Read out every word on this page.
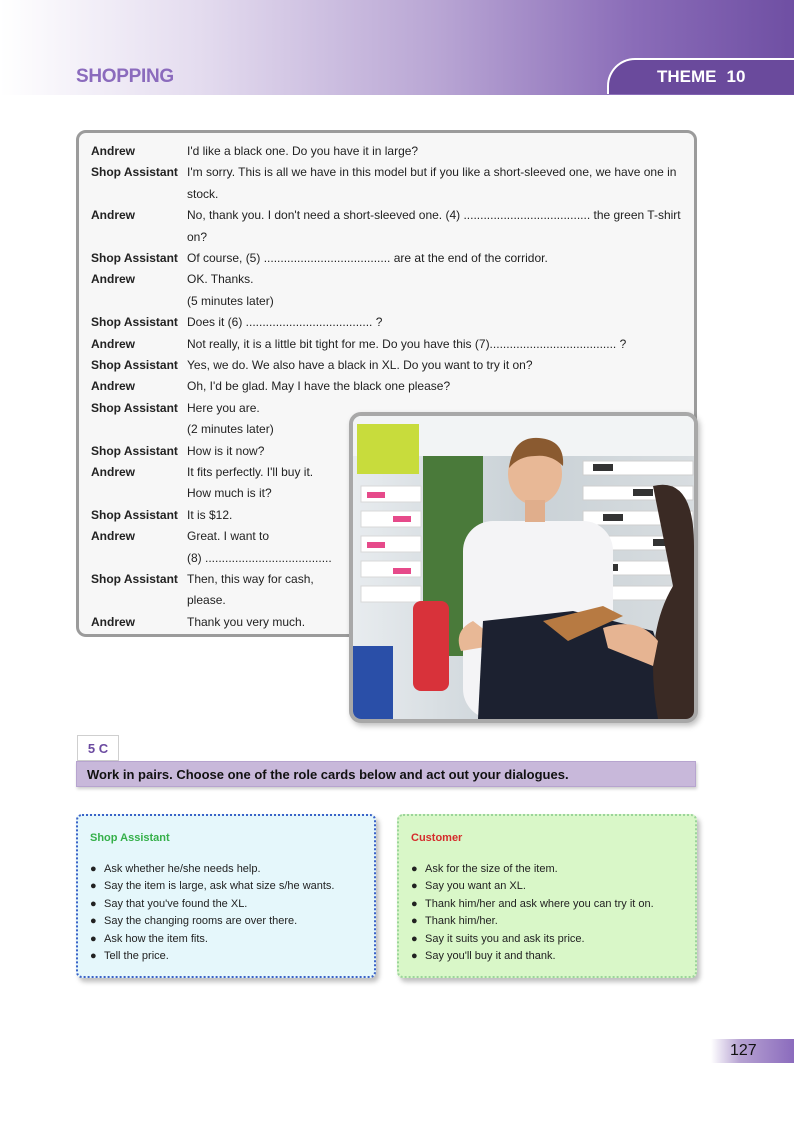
SHOPPING	THEME 10
Andrew	I'd like a black one. Do you have it in large?
Shop Assistant I'm sorry. This is all we have in this model but if you like a short-sleeved one, we have one in
stock.
Andrew	No, thank you. I don't need a short-sleeved one. (4) ...................................... the green T-shirt
on?
Shop Assistant Of course, (5) ...................................... are at the end of the corridor.
Andrew	OK. Thanks.
(5 minutes later)
Shop Assistant Does it (6) ...................................... ?
Andrew	Not really, it is a little bit tight for me. Do you have this (7)...................................... ?
Shop Assistant Yes, we do. We also have a black in XL. Do you want to try it on?
Andrew	Oh, I'd be glad. May I have the black one please?
Shop Assistant Here you are.
(2 minutes later)
Shop Assistant How is it now?
Andrew	It fits perfectly. I'll buy it.
How much is it?
Shop Assistant It is $12.
Andrew	Great. I want to
(8) ......................................
Shop Assistant Then, this way for cash,
please.
Andrew	Thank you very much.
5 C
Work in pairs. Choose one of the role cards below and act out your dialogues.
Shop Assistant
● Ask whether he/she needs help.
● Say the item is large, ask what size s/he wants.
● Say that you've found the XL.
● Say the changing rooms are over there.
● Ask how the item fits.
● Tell the price.
Customer
● Ask for the size of the item.
● Say you want an XL.
● Thank him/her and ask where you can try it on.
● Thank him/her.
● Say it suits you and ask its price.
● Say you'll buy it and thank.
127
